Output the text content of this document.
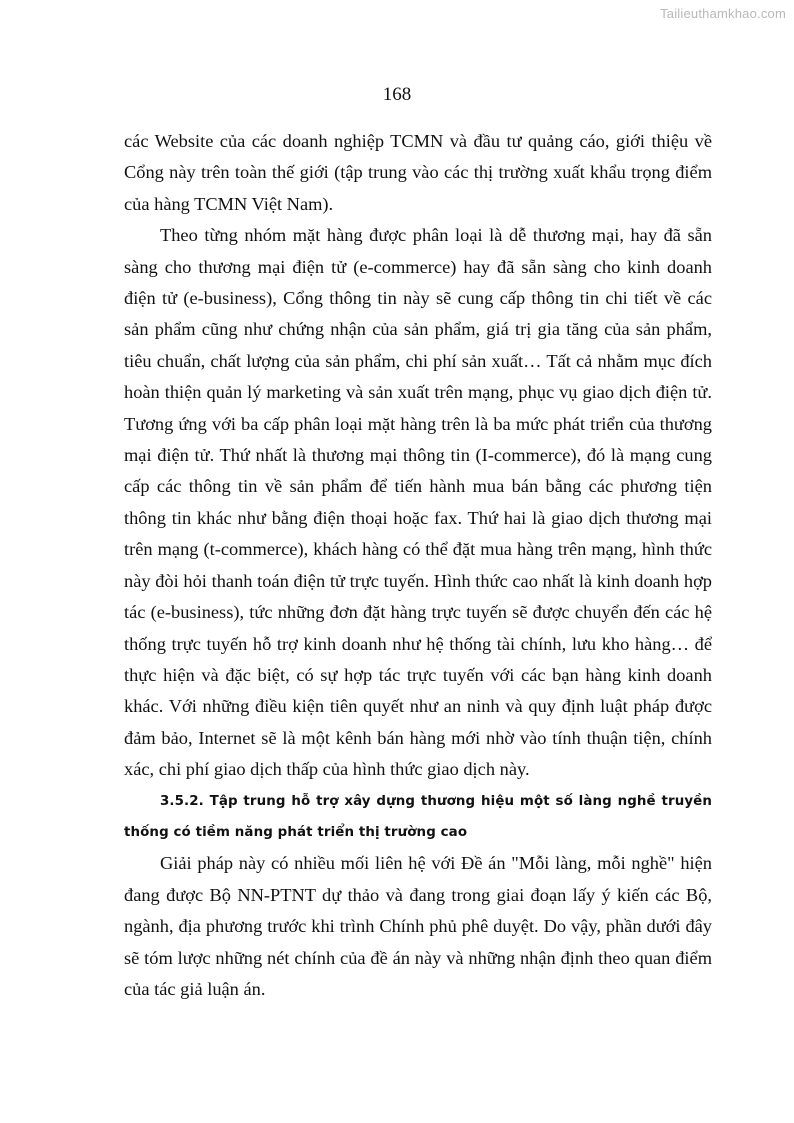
Tailieuthamkhao.com
168

các Website của các doanh nghiệp TCMN và đầu tư quảng cáo, giới thiệu về Cổng này trên toàn thế giới (tập trung vào các thị trường xuất khẩu trọng điểm của hàng TCMN Việt Nam).

Theo từng nhóm mặt hàng được phân loại là dễ thương mại, hay đã sẵn sàng cho thương mại điện tử (e-commerce) hay đã sẵn sàng cho kinh doanh điện tử (e-business), Cổng thông tin này sẽ cung cấp thông tin chi tiết về các sản phẩm cũng như chứng nhận của sản phẩm, giá trị gia tăng của sản phẩm, tiêu chuẩn, chất lượng của sản phẩm, chi phí sản xuất… Tất cả nhằm mục đích hoàn thiện quản lý marketing và sản xuất trên mạng, phục vụ giao dịch điện tử. Tương ứng với ba cấp phân loại mặt hàng trên là ba mức phát triển của thương mại điện tử. Thứ nhất là thương mại thông tin (I-commerce), đó là mạng cung cấp các thông tin về sản phẩm để tiến hành mua bán bằng các phương tiện thông tin khác như bằng điện thoại hoặc fax. Thứ hai là giao dịch thương mại trên mạng (t-commerce), khách hàng có thể đặt mua hàng trên mạng, hình thức này đòi hỏi thanh toán điện tử trực tuyến. Hình thức cao nhất là kinh doanh hợp tác (e-business), tức những đơn đặt hàng trực tuyến sẽ được chuyển đến các hệ thống trực tuyến hỗ trợ kinh doanh như hệ thống tài chính, lưu kho hàng… để thực hiện và đặc biệt, có sự hợp tác trực tuyến với các bạn hàng kinh doanh khác. Với những điều kiện tiên quyết như an ninh và quy định luật pháp được đảm bảo, Internet sẽ là một kênh bán hàng mới nhờ vào tính thuận tiện, chính xác, chi phí giao dịch thấp của hình thức giao dịch này.

3.5.2. Tập trung hỗ trợ xây dựng thương hiệu một số làng nghề truyền thống có tiềm năng phát triển thị trường cao

Giải pháp này có nhiều mối liên hệ với Đề án "Mỗi làng, mỗi nghề" hiện đang được Bộ NN-PTNT dự thảo và đang trong giai đoạn lấy ý kiến các Bộ, ngành, địa phương trước khi trình Chính phủ phê duyệt. Do vậy, phần dưới đây sẽ tóm lược những nét chính của đề án này và những nhận định theo quan điểm của tác giả luận án.
